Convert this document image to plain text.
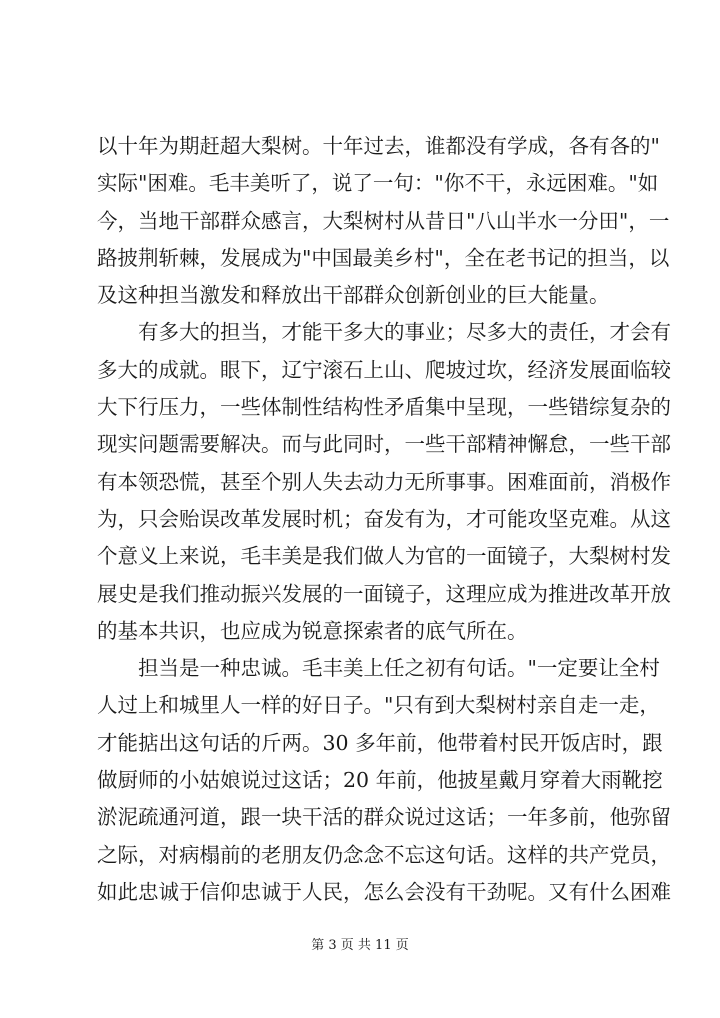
以十年为期赶超大梨树。十年过去，谁都没有学成，各有各的"
实际"困难。毛丰美听了，说了一句："你不干，永远困难。"如
今，当地干部群众感言，大梨树村从昔日"八山半水一分田"，一
路披荆斩棘，发展成为"中国最美乡村"，全在老书记的担当，以
及这种担当激发和释放出干部群众创新创业的巨大能量。
　　有多大的担当，才能干多大的事业；尽多大的责任，才会有
多大的成就。眼下，辽宁滚石上山、爬坡过坎，经济发展面临较
大下行压力，一些体制性结构性矛盾集中呈现，一些错综复杂的
现实问题需要解决。而与此同时，一些干部精神懈怠，一些干部
有本领恐慌，甚至个别人失去动力无所事事。困难面前，消极作
为，只会贻误改革发展时机；奋发有为，才可能攻坚克难。从这
个意义上来说，毛丰美是我们做人为官的一面镜子，大梨树村发
展史是我们推动振兴发展的一面镜子，这理应成为推进改革开放
的基本共识，也应成为锐意探索者的底气所在。
　　担当是一种忠诚。毛丰美上任之初有句话。"一定要让全村
人过上和城里人一样的好日子。"只有到大梨树村亲自走一走，
才能掂出这句话的斤两。30 多年前，他带着村民开饭店时，跟
做厨师的小姑娘说过这话；20 年前，他披星戴月穿着大雨靴挖
淤泥疏通河道，跟一块干活的群众说过这话；一年多前，他弥留
之际，对病榻前的老朋友仍念念不忘这句话。这样的共产党员，
如此忠诚于信仰忠诚于人民，怎么会没有干劲呢。又有什么困难
第 3 页 共 11 页
